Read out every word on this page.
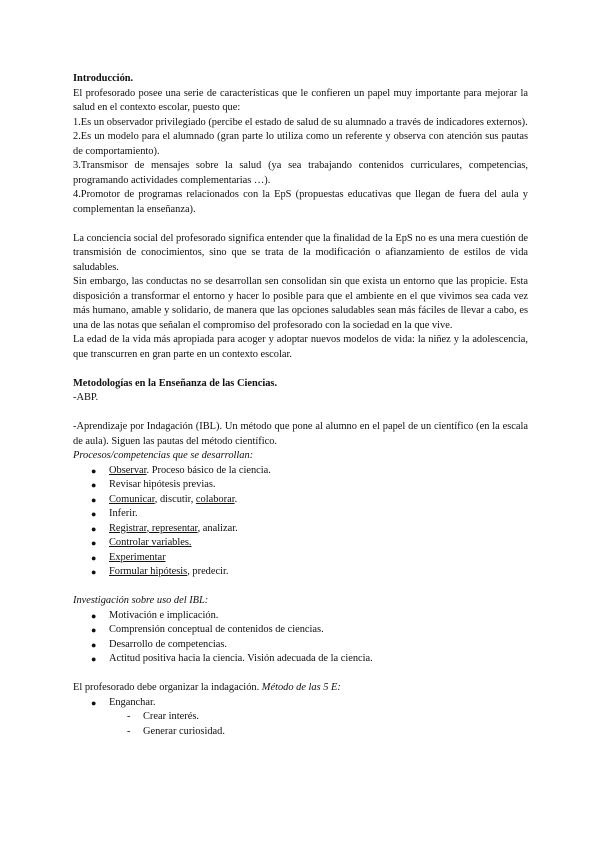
Introducción.

El profesorado posee una serie de características que le confieren un papel muy importante para mejorar la salud en el contexto escolar, puesto que:

1.Es un observador privilegiado (percibe el estado de salud de su alumnado a través de indicadores externos).

2.Es un modelo para el alumnado (gran parte lo utiliza como un referente y observa con atención sus pautas de comportamiento).

3.Transmisor de mensajes sobre la salud (ya sea trabajando contenidos curriculares, competencias, programando actividades complementarias …).

4.Promotor de programas relacionados con la EpS (propuestas educativas que llegan de fuera del aula y complementan la enseñanza).

La conciencia social del profesorado significa entender que la finalidad de la EpS no es una mera cuestión de transmisión de conocimientos, sino que se trata de la modificación o afianzamiento de estilos de vida saludables.

Sin embargo, las conductas no se desarrollan sen consolidan sin que exista un entorno que las propicie. Esta disposición a transformar el entorno y hacer lo posible para que el ambiente en el que vivimos sea cada vez más humano, amable y solidario, de manera que las opciones saludables sean más fáciles de llevar a cabo, es una de las notas que señalan el compromiso del profesorado con la sociedad en la que vive.

La edad de la vida más apropiada para acoger y adoptar nuevos modelos de vida: la niñez y la adolescencia, que transcurren en gran parte en un contexto escolar.

Metodologías en la Enseñanza de las Ciencias.

-ABP.

-Aprendizaje por Indagación (IBL). Un método que pone al alumno en el papel de un científico (en la escala de aula). Siguen las pautas del método científico.

Procesos/competencias que se desarrollan:

● Observar. Proceso básico de la ciencia.
● Revisar hipótesis previas.
● Comunicar, discutir, colaborar.
● Inferir.
● Registrar, representar, analizar.
● Controlar variables.
● Experimentar
● Formular hipótesis, predecir.

Investigación sobre uso del IBL:

● Motivación e implicación.
● Comprensión conceptual de contenidos de ciencias.
● Desarrollo de competencias.
● Actitud positiva hacia la ciencia. Visión adecuada de la ciencia.

El profesorado debe organizar la indagación. Método de las 5 E:

● Enganchar.
- Crear interés.
- Generar curiosidad.
